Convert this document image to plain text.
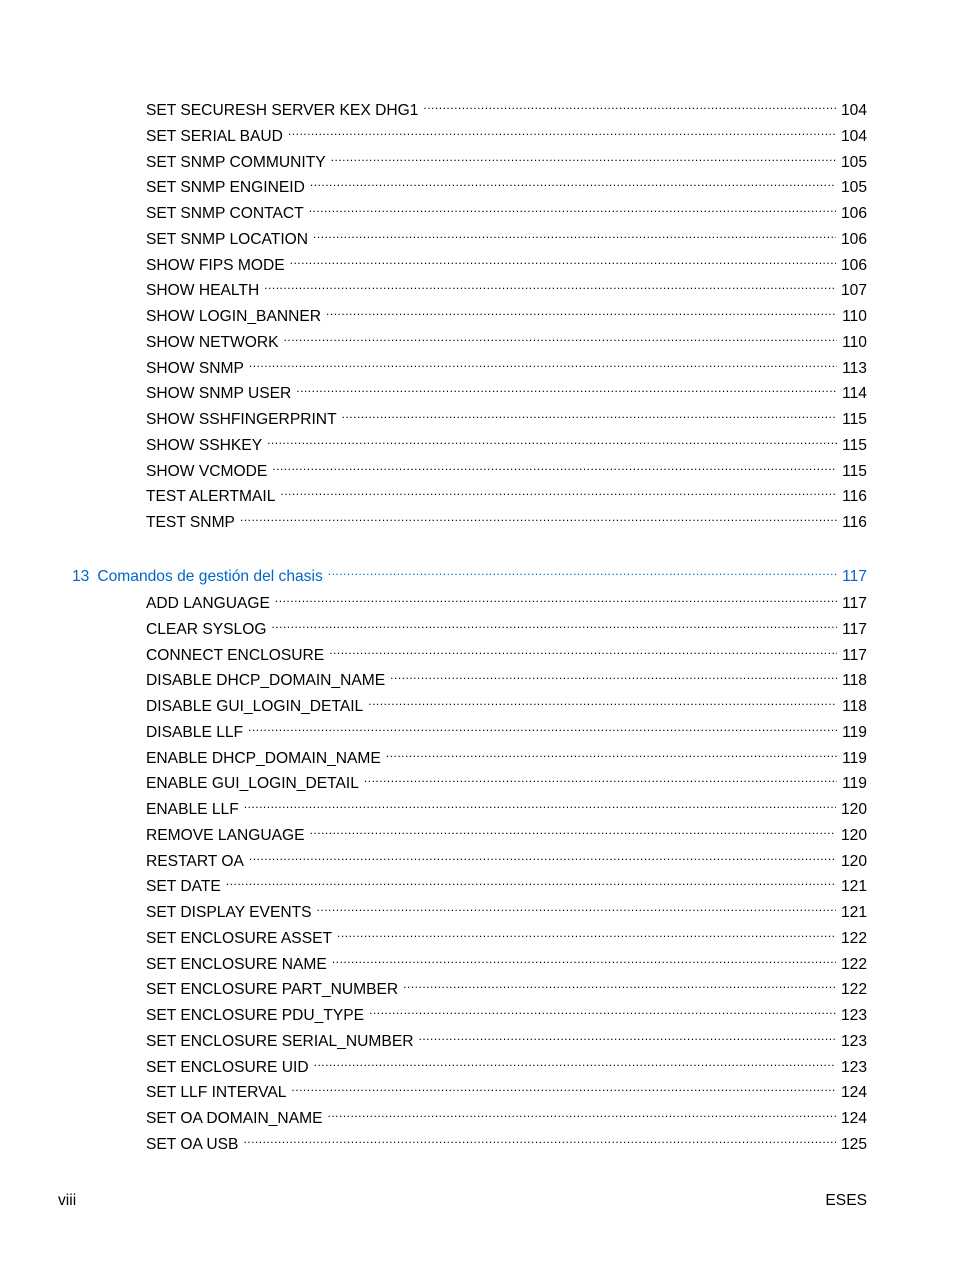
SET SECURESH SERVER KEX DHG1 .....	104
SET SERIAL BAUD .....	104
SET SNMP COMMUNITY .....	105
SET SNMP ENGINEID .....	105
SET SNMP CONTACT .....	106
SET SNMP LOCATION .....	106
SHOW FIPS MODE .....	106
SHOW HEALTH .....	107
SHOW LOGIN_BANNER .....	110
SHOW NETWORK .....	110
SHOW SNMP .....	113
SHOW SNMP USER .....	114
SHOW SSHFINGERPRINT .....	115
SHOW SSHKEY .....	115
SHOW VCMODE .....	115
TEST ALERTMAIL .....	116
TEST SNMP .....	116
13 Comandos de gestión del chasis .....	117
ADD LANGUAGE .....	117
CLEAR SYSLOG .....	117
CONNECT ENCLOSURE .....	117
DISABLE DHCP_DOMAIN_NAME .....	118
DISABLE GUI_LOGIN_DETAIL .....	118
DISABLE LLF .....	119
ENABLE DHCP_DOMAIN_NAME .....	119
ENABLE GUI_LOGIN_DETAIL .....	119
ENABLE LLF .....	120
REMOVE LANGUAGE .....	120
RESTART OA .....	120
SET DATE .....	121
SET DISPLAY EVENTS .....	121
SET ENCLOSURE ASSET .....	122
SET ENCLOSURE NAME .....	122
SET ENCLOSURE PART_NUMBER .....	122
SET ENCLOSURE PDU_TYPE .....	123
SET ENCLOSURE SERIAL_NUMBER .....	123
SET ENCLOSURE UID .....	123
SET LLF INTERVAL .....	124
SET OA DOMAIN_NAME .....	124
SET OA USB .....	125
viii	ESES
